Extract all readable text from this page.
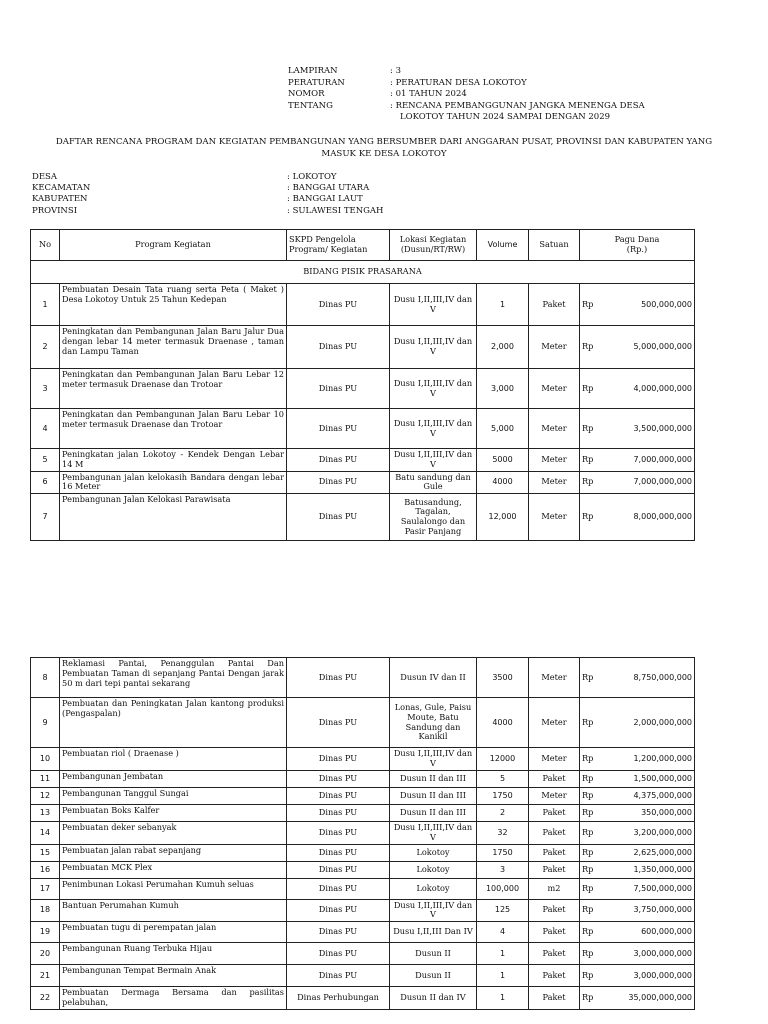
LAMPIRAN	: 3
PERATURAN	: PERATURAN DESA LOKOTOY
NOMOR	: 01 TAHUN 2024
TENTANG	: RENCANA PEMBANGGUNAN JANGKA MENENGA DESA
LOKOTOY TAHUN 2024 SAMPAI DENGAN 2029
DAFTAR RENCANA PROGRAM DAN KEGIATAN PEMBANGUNAN YANG BERSUMBER DARI ANGGARAN PUSAT, PROVINSI DAN KABUPATEN YANG
MASUK KE DESA LOKOTOY
DESA	: LOKOTOY
KECAMATAN	: BANGGAI UTARA
KABUPATEN	: BANGGAI LAUT
PROVINSI	: SULAWESI TENGAH
No	Program Kegiatan	SKPD Pengelola Program/ Kegiatan	Lokasi Kegiatan (Dusun/RT/RW)	Volume	Satuan	Pagu Dana
(Rp.)

BIDANG PISIK PRASARANA						
1	Pembuatan Desain Tata ruang serta Peta ( Maket ) Desa Lokotoy Untuk 25 Tahun Kedepan	Dinas PU	Dusu I,II,III,IV dan V	1	Paket	Rp 500,000,000

2	Peningkatan dan Pembangunan Jalan Baru Jalur Dua dengan lebar 14 meter termasuk Draenase , taman dan Lampu Taman	Dinas PU	Dusu I,II,III,IV dan V	2,000	Meter	Rp 5,000,000,000

3	Peningkatan dan Pembangunan Jalan Baru Lebar 12 meter termasuk Draenase dan Trotoar	Dinas PU	Dusu I,II,III,IV dan V	3,000	Meter	Rp 4,000,000,000

4	Peningkatan dan Pembangunan Jalan Baru Lebar 10 meter termasuk Draenase dan Trotoar	Dinas PU	Dusu I,II,III,IV dan V	5,000	Meter	Rp 3,500,000,000

5	Peningkatan jalan Lokotoy - Kendek Dengan Lebar 14 M	Dinas PU	Dusu I,II,III,IV dan V	5000	Meter	Rp 7,000,000,000

6	Pembangunan jalan kelokasih Bandara dengan lebar 16 Meter	Dinas PU	Batu sandung dan Gule	4000	Meter	Rp 7,000,000,000

7	Pembangunan Jalan Kelokasi Parawisata	Dinas PU	Batusandung, Tagalan, Saulalongo dan Pasir Panjang	12,000	Meter	Rp 8,000,000,000
8	Reklamasi Pantai, Penanggulan Pantai Dan Pembuatan Taman di sepanjang Pantai Dengan jarak 50 m dari tepi pantai sekarang	Dinas PU	Dusun IV dan II	3500	Meter	Rp 8,750,000,000

9	Pembuatan dan Peningkatan Jalan kantong produksi (Pengaspalan)	Dinas PU	Lonas, Gule, Paisu Moute, Batu Sandung dan Kanikil	4000	Meter	Rp 2,000,000,000

10	Pembuatan riol ( Draenase )	Dinas PU	Dusu I,II,III,IV dan V	12000	Meter	Rp 1,200,000,000

11	Pembangunan Jembatan	Dinas PU	Dusun II dan III	5	Paket	Rp 1,500,000,000

12	Pembangunan Tanggul Sungai	Dinas PU	Dusun II dan III	1750	Meter	Rp 4,375,000,000

13	Pembuatan Boks Kalfer	Dinas PU	Dusun II dan III	2	Paket	Rp 350,000,000

14	Pembuatan deker sebanyak	Dinas PU	Dusu I,II,III,IV dan V	32	Paket	Rp 3,200,000,000

15	Pembuatan jalan rabat sepanjang	Dinas PU	Lokotoy	1750	Paket	Rp 2,625,000,000

16	Pembuatan MCK Plex	Dinas PU	Lokotoy	3	Paket	Rp 1,350,000,000

17	Penimbunan Lokasi Perumahan Kumuh seluas	Dinas PU	Lokotoy	100,000	m2	Rp 7,500,000,000

18	Bantuan Perumahan Kumuh	Dinas PU	Dusu I,II,III,IV dan V	125	Paket	Rp 3,750,000,000

19	Pembuatan tugu di perempatan jalan	Dinas PU	Dusu I,II,III Dan IV	4	Paket	Rp 600,000,000

20	Pembangunan Ruang Terbuka Hijau	Dinas PU	Dusun II	1	Paket	Rp 3,000,000,000

21	Pembangunan Tempat Bermain Anak	Dinas PU	Dusun II	1	Paket	Rp 3,000,000,000

22	Pembuatan Dermaga Bersama dan pasilitas pelabuhan,	Dinas Perhubungan	Dusun II dan IV	1	Paket	Rp 35,000,000,000
